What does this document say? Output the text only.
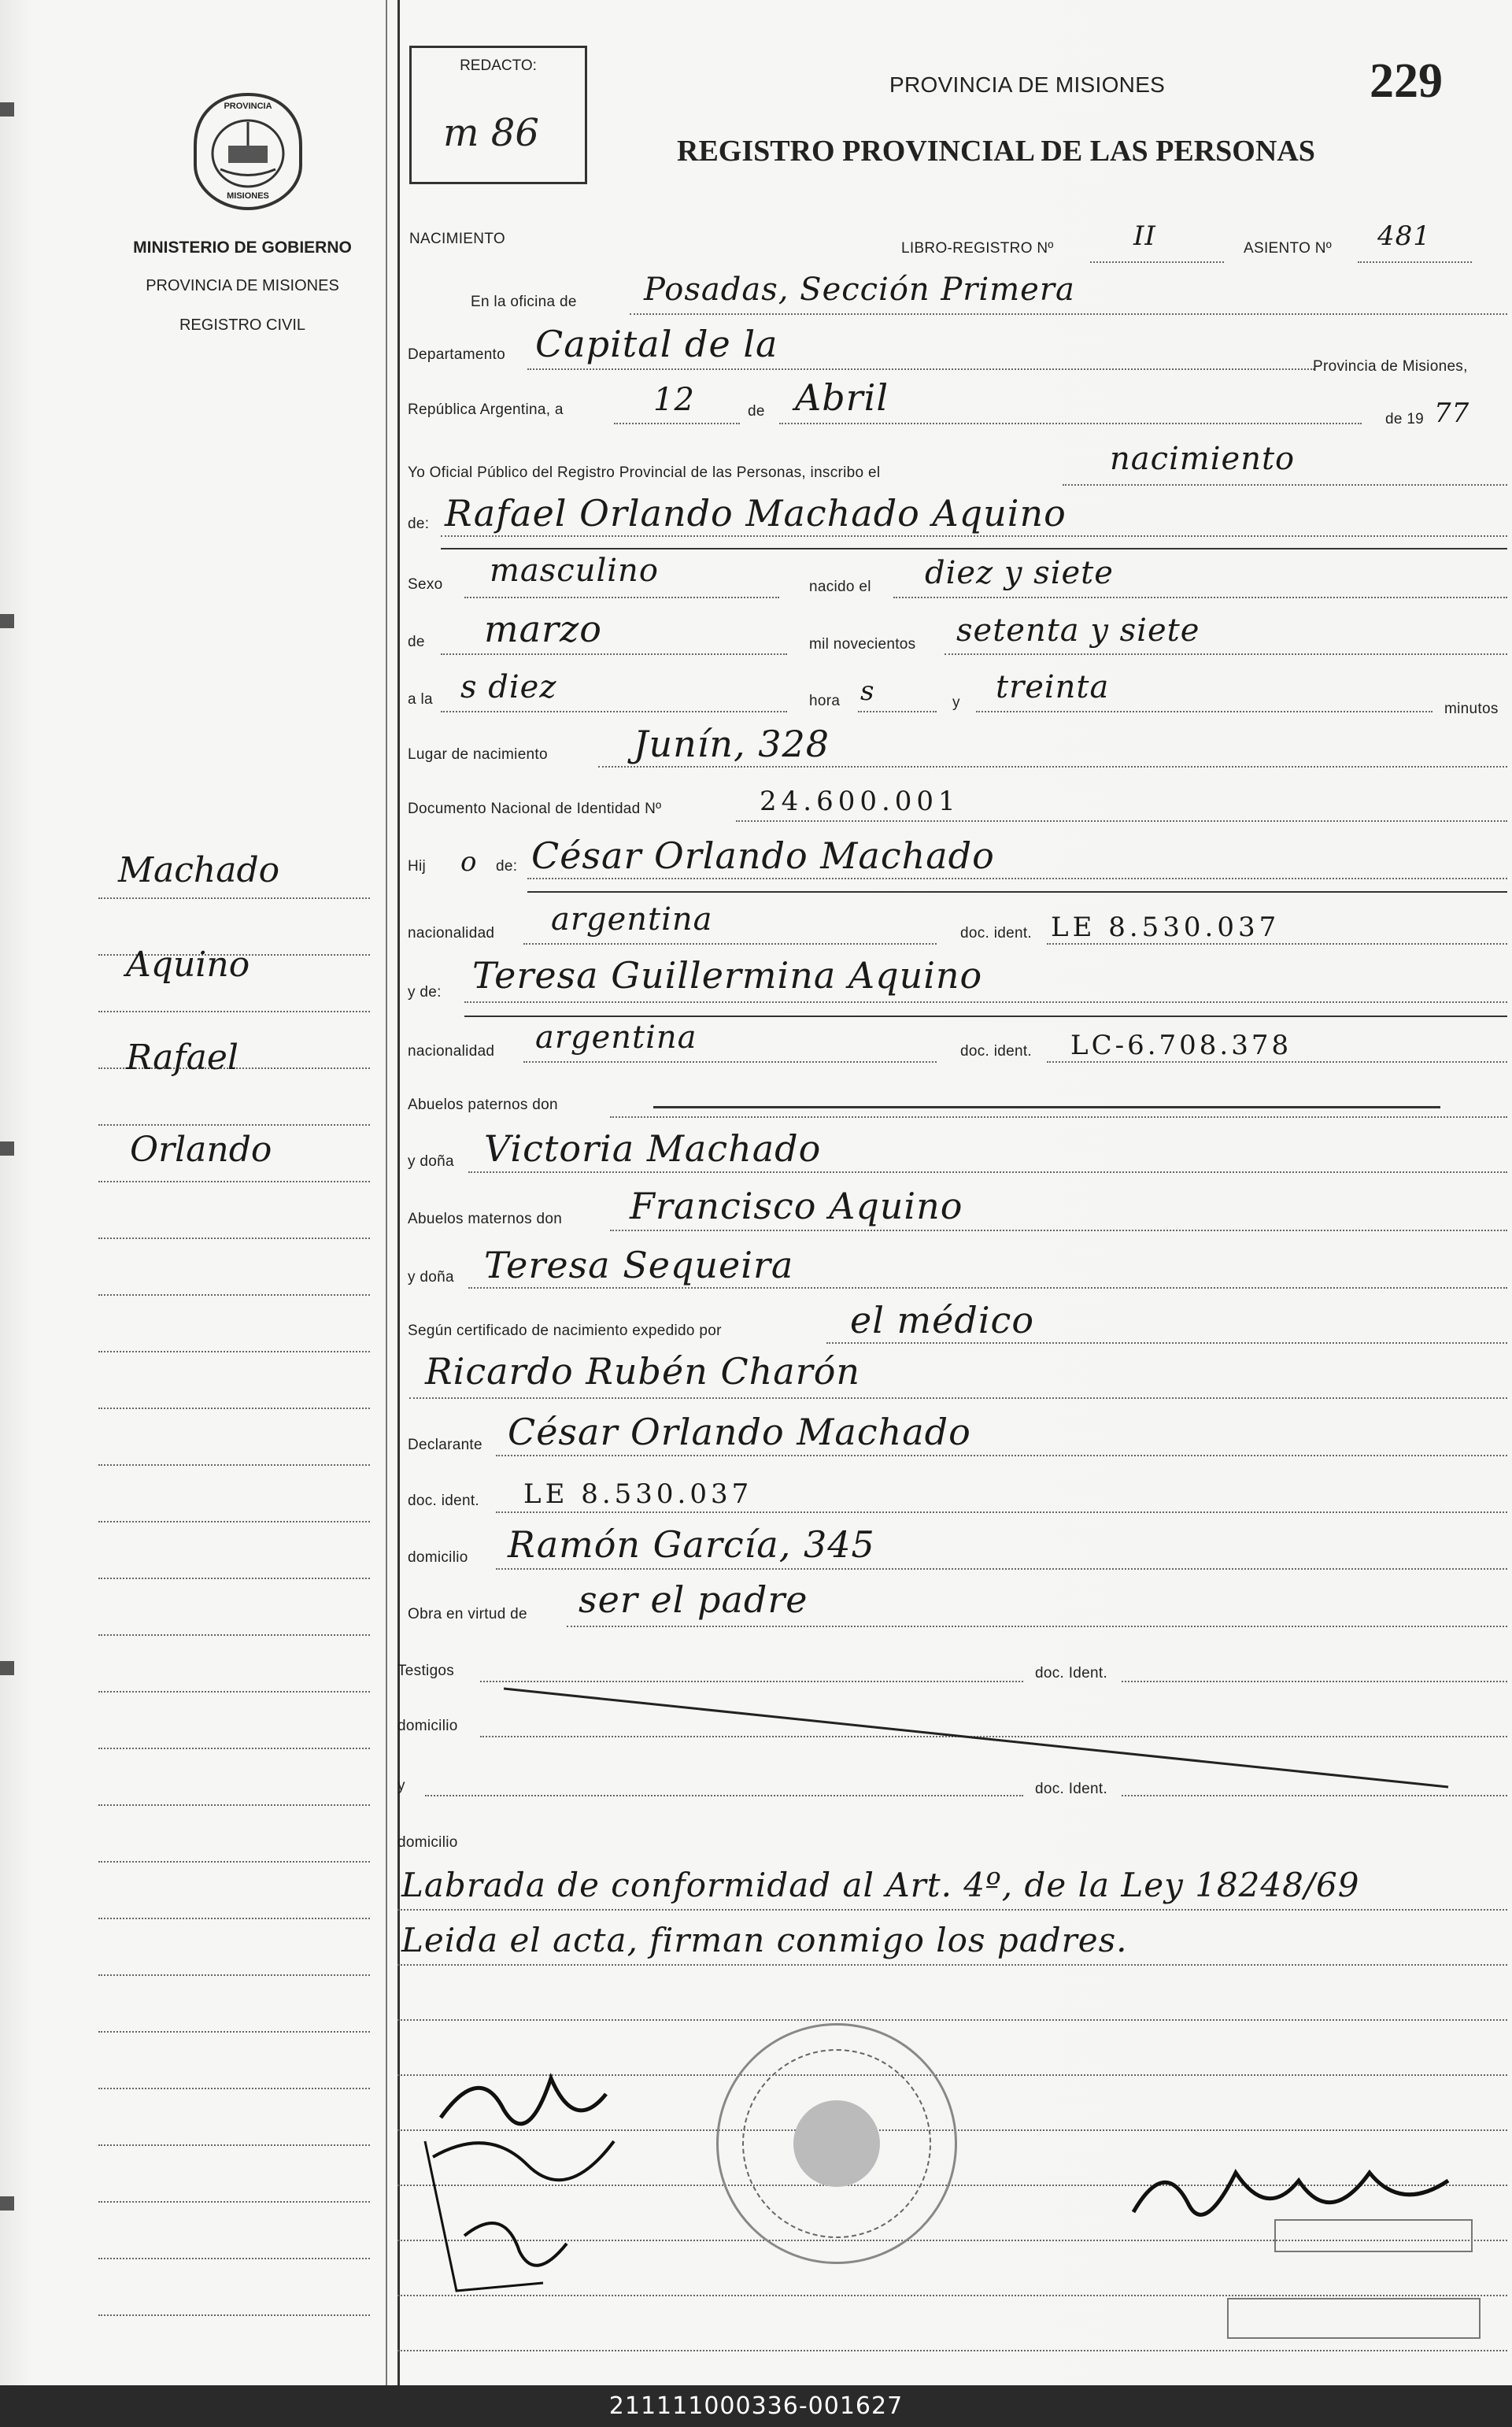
PROVINCIA
MISIONES
MINISTERIO DE GOBIERNO
PROVINCIA DE MISIONES
REGISTRO CIVIL
Machado
Aquino
Rafael
Orlando
REDACTO:
m 86
PROVINCIA DE MISIONES	229
REGISTRO PROVINCIAL DE LAS PERSONAS
NACIMIENTO
LIBRO-REGISTRO Nº	II	ASIENTO Nº 481
En la oficina de Posadas, Sección Primera
Departamento Capital de la
Provincia de Misiones,
República Argentina, a	12	de Abril
de 19 77
Yo Oficial Público del Registro Provincial de las Personas, inscribo el	nacimiento
de: Rafael Orlando Machado Aquino
Sexo masculino	nacido el diez y siete
de marzo	mil novecientos setenta y siete
a la s diez	hora s	y treinta
minutos
Lugar de nacimiento Junín, 328
Documento Nacional de Identidad Nº	24.600.001
Hij o de: César Orlando Machado
nacionalidad argentina	doc. ident. LE 8.530.037
y de: Teresa Guillermina Aquino
nacionalidad argentina	doc. ident. LC-6.708.378
Abuelos paternos don
y doña Victoria Machado
Abuelos maternos don Francisco Aquino
y doña Teresa Sequeira
Según certificado de nacimiento expedido por	el médico
Ricardo Rubén Charón
Declarante César Orlando Machado
doc. ident. LE 8.530.037
domicilio Ramón García, 345
Obra en virtud de ser el padre
Testigos	doc. Ident.
domicilio
y	doc. Ident.
domicilio
Labrada de conformidad al Art. 4º, de la Ley 18248/69
Leida el acta, firman conmigo los padres.
211111000336-001627
